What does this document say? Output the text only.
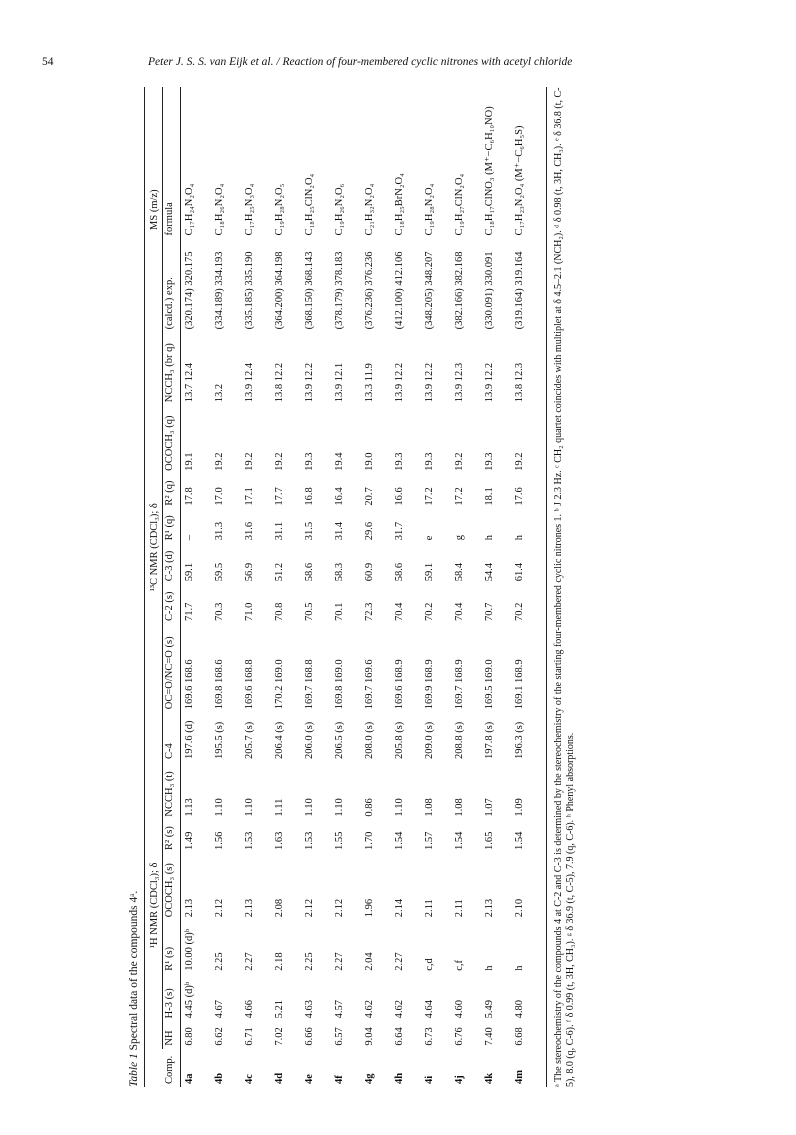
54	Peter J. S. S. van Eijk et al. / Reaction of four-membered cyclic nitrones with acetyl chloride
Table 1 Spectral data of the compounds 4ᵃ.
	¹H NMR (CDCl₃); δ						¹³C NMR (CDCl₃); δ								MS (m/z)	
Comp.	NH	H-3 (s)	R¹ (s)	OCOCH₃ (s)	R² (s)	NCCH₃ (t)	C-4	OC=O/NC=O (s)	C-2 (s)	C-3 (d)	R¹ (q)	R² (q)	OCOCH₃ (q)	NCCH₃ (br q)	(calcd.) exp.	formula
4a	6.80	4.45 (d)ᵇ	10.00 (d)ᵇ	2.13	1.49	1.13	197.6 (d)	169.6 168.6	71.7	59.1	–	17.8	19.1	13.7 12.4	(320.174) 320.175	C₁₇H₂₄N₂O₄
4b	6.62	4.67	2.25	2.12	1.56	1.10	195.5 (s)	169.8 168.6	70.3	59.5	31.3	17.0	19.2	13.2	(334.189) 334.193	C₁₈H₂₆N₂O₄
4c	6.71	4.66	2.27	2.13	1.53	1.10	205.7 (s)	169.6 168.8	71.0	56.9	31.6	17.1	19.2	13.9 12.4	(335.185) 335.190	C₁₇H₂₅N₃O₄
4d	7.02	5.21	2.18	2.08	1.63	1.11	206.4 (s)	170.2 169.0	70.8	51.2	31.1	17.7	19.2	13.8 12.2	(364.200) 364.198	C₁₉H₂₈N₂O₅
4e	6.66	4.63	2.25	2.12	1.53	1.10	206.0 (s)	169.7 168.8	70.5	58.6	31.5	16.8	19.3	13.9 12.2	(368.150) 368.143	C₁₈H₂₅ClN₂O₄
4f	6.57	4.57	2.27	2.12	1.55	1.10	206.5 (s)	169.8 169.0	70.1	58.3	31.4	16.4	19.4	13.9 12.1	(378.179) 378.183	C₁₉H₂₆N₂O₆
4g	9.04	4.62	2.04	1.96	1.70	0.86	208.0 (s)	169.7 169.6	72.3	60.9	29.6	20.7	19.0	13.3 11.9	(376.236) 376.236	C₂₁H₃₂N₂O₄
4h	6.64	4.62	2.27	2.14	1.54	1.10	205.8 (s)	169.6 168.9	70.4	58.6	31.7	16.6	19.3	13.9 12.2	(412.100) 412.106	C₁₈H₂₅BrN₂O₄
4i	6.73	4.64	c,d	2.11	1.57	1.08	209.0 (s)	169.9 168.9	70.2	59.1	e	17.2	19.3	13.9 12.2	(348.205) 348.207	C₁₉H₂₈N₂O₄
4j	6.76	4.60	c,f	2.11	1.54	1.08	208.8 (s)	169.7 168.9	70.4	58.4	g	17.2	19.2	13.9 12.3	(382.166) 382.168	C₁₉H₂₇ClN₂O₄
4k	7.40	5.49	h	2.13	1.65	1.07	197.8 (s)	169.5 169.0	70.7	54.4	h	18.1	19.3	13.9 12.2	(330.091) 330.091	C₁₈H₁₇ClNO₃ (M⁺−C₆H₁₀NO)
4m	6.68	4.80	h	2.10	1.54	1.09	196.3 (s)	169.1 168.9	70.2	61.4	h	17.6	19.2	13.8 12.3	(319.164) 319.164	C₁₇H₂₃N₂O₄ (M⁺−C₆H₅S)	ᵃ The stereochemistry of the compounds 4 at C-2 and C-3 is determined by the stereochemistry of the starting four-membered cyclic nitrones 1. ᵇ J 2.3 Hz. ᶜ CH₂ quartet coincides with multiplet at δ 4.5–2.1 (NCH₂). ᵈ δ 0.98 (t, 3H, CH₃). ᵉ δ 36.8 (t, C-5), 8.0 (q, C-6). ᶠ δ 0.99 (t, 3H, CH₃). ᵍ δ 36.9 (t, C-5), 7.9 (q, C-6). ʰ Phenyl absorptions.
